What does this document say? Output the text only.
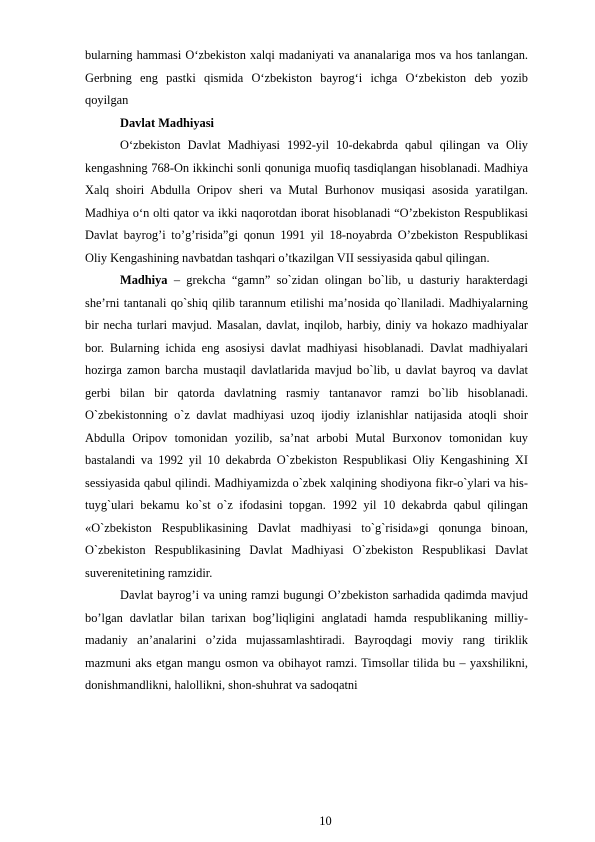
bularning hammasi O‘zbekiston xalqi madaniyati va ananalariga mos va hos tanlangan. Gerbning eng pastki qismida O‘zbekiston bayrog‘i ichga O‘zbekiston deb yozib qoyilgan

Davlat Madhiyasi

O‘zbekiston Davlat Madhiyasi 1992-yil 10-dekabrda qabul qilingan va Oliy kengashning 768-On ikkinchi sonli qonuniga muofiq tasdiqlangan hisoblanadi. Madhiya Xalq shoiri Abdulla Oripov sheri va Mutal Burhonov musiqasi asosida yaratilgan. Madhiya o‘n olti qator va ikki naqorotdan iborat hisoblanadi “O’zbekiston Respublikasi Davlat bayrog’i to’g’risida”gi qonun 1991 yil 18-noyabrda O’zbekiston Respublikasi Oliy Kengashining navbatdan tashqari o’tkazilgan VII sessiyasida qabul qilingan.

Madhiya – grekcha “gamn” so`zidan olingan bo`lib, u dasturiy harakterdagi she’rni tantanali qo`shiq qilib tarannum etilishi ma’nosida qo`llaniladi. Madhiyalarning bir necha turlari mavjud. Masalan, davlat, inqilob, harbiy, diniy va hokazo madhiyalar bor. Bularning ichida eng asosiysi davlat madhiyasi hisoblanadi. Davlat madhiyalari hozirga zamon barcha mustaqil davlatlarida mavjud bo`lib, u davlat bayroq va davlat gerbi bilan bir qatorda davlatning rasmiy tantanavor ramzi bo`lib hisoblanadi. O`zbekistonning o`z davlat madhiyasi uzoq ijodiy izlanishlar natijasida atoqli shoir Abdulla Oripov tomonidan yozilib, sa’nat arbobi Mutal Burxonov tomonidan kuy bastalandi va 1992 yil 10 dekabrda O`zbekiston Respublikasi Oliy Kengashining XI sessiyasida qabul qilindi. Madhiyamizda o`zbek xalqining shodiyona fikr-o`ylari va his-tuyg`ulari bekamu ko`st o`z ifodasini topgan. 1992 yil 10 dekabrda qabul qilingan «O`zbekiston Respublikasining Davlat madhiyasi to`g`risida»gi qonunga binoan, O`zbekiston Respublikasining Davlat Madhiyasi O`zbekiston Respublikasi Davlat suverenitetining ramzidir.

Davlat bayrog’i va uning ramzi bugungi O’zbekiston sarhadida qadimda mavjud bo’lgan davlatlar bilan tarixan bog’liqligini anglatadi hamda respublikaning milliy-madaniy an’analarini o’zida mujassamlashtiradi. Bayroqdagi moviy rang tiriklik mazmuni aks etgan mangu osmon va obihayot ramzi. Timsollar tilida bu – yaxshilikni, donishmandlikni, halollikni, shon-shuhrat va sadoqatni

10
